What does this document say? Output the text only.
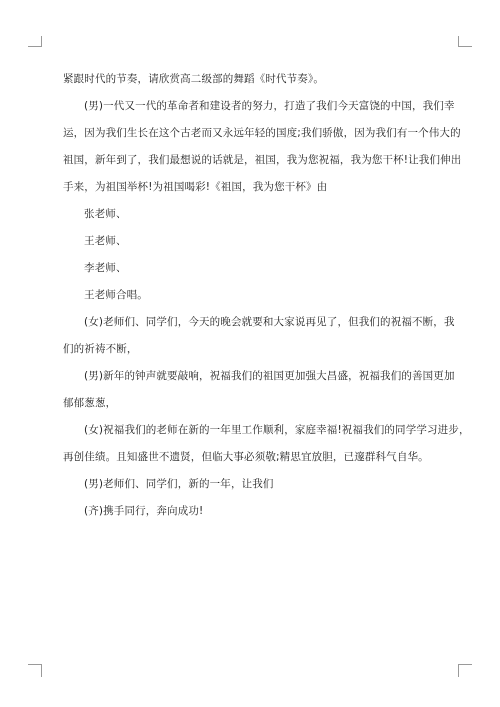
紧跟时代的节奏，请欣赏高二级部的舞蹈《时代节奏》。

(男)一代又一代的革命者和建设者的努力，打造了我们今天富饶的中国，我们幸

运，因为我们生长在这个古老而又永远年轻的国度;我们骄傲，因为我们有一个伟大的

祖国，新年到了，我们最想说的话就是，祖国，我为您祝福，我为您干杯!让我们伸出

手来，为祖国举杯!为祖国喝彩!《祖国，我为您干杯》由

张老师、

王老师、

李老师、

王老师合唱。

(女)老师们、同学们，今天的晚会就要和大家说再见了，但我们的祝福不断，我

们的祈祷不断，

(男)新年的钟声就要敲响，祝福我们的祖国更加强大昌盛，祝福我们的善国更加

郁郁葱葱，

(女)祝福我们的老师在新的一年里工作顺利，家庭幸福!祝福我们的同学学习进步，

再创佳绩。且知盛世不遗贤，但临大事必须敬;精思宜放胆，已邃群科气自华。

(男)老师们、同学们，新的一年，让我们

(齐)携手同行，奔向成功!
